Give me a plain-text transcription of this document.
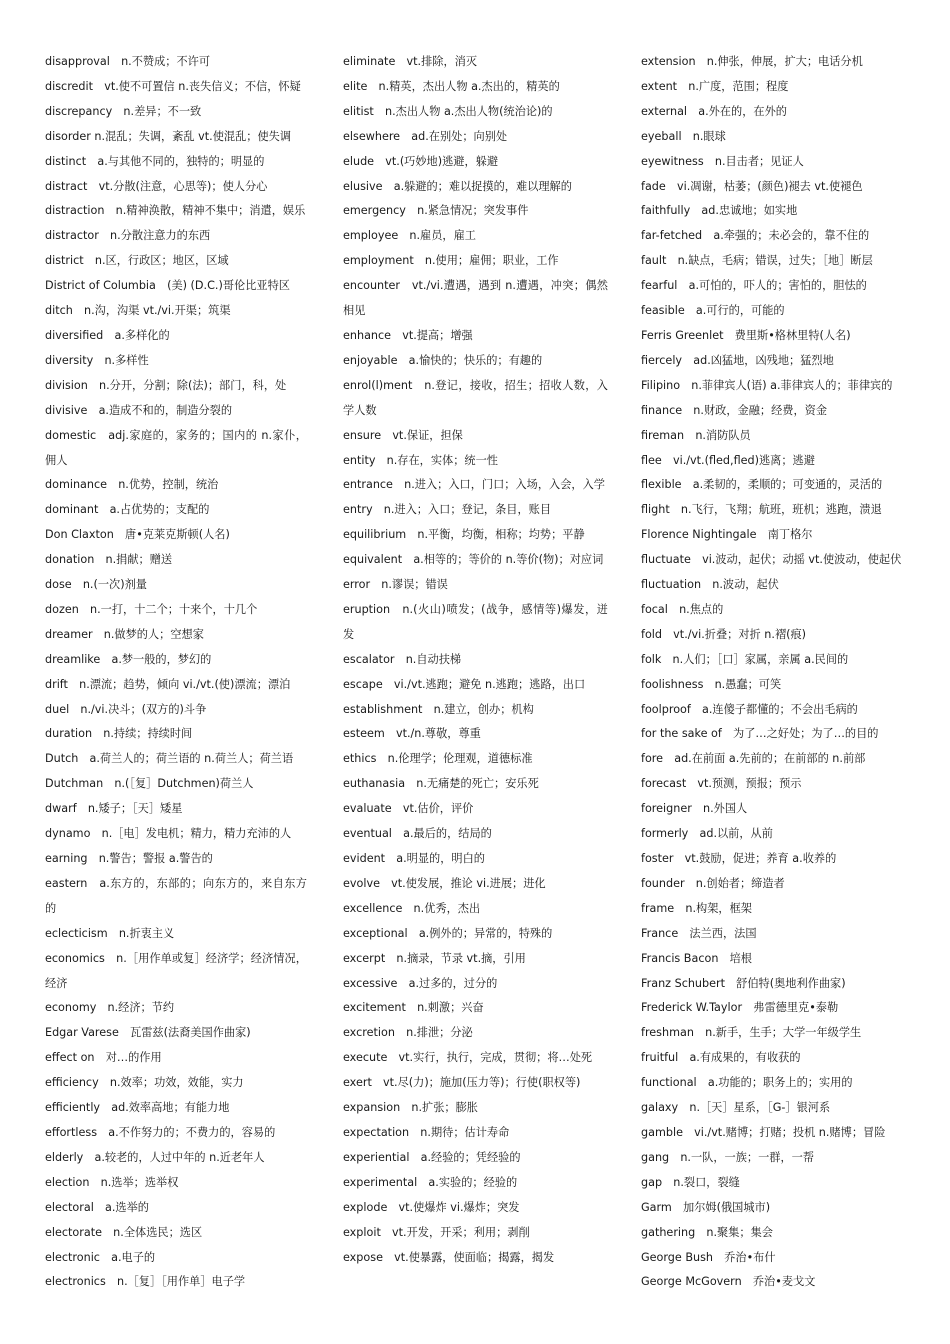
disapproval　n.不赞成；不许可
discredit　vt.使不可置信 n.丧失信义；不信，怀疑
discrepancy　n.差异；不一致
disorder n.混乱；失调，紊乱 vt.使混乱；使失调
distinct　a.与其他不同的，独特的；明显的
distract　vt.分散(注意，心思等)；使人分心
distraction　n.精神涣散，精神不集中；消遣，娱乐
distractor　n.分散注意力的东西
district　n.区，行政区；地区，区域
District of Columbia　(美) (D.C.)哥伦比亚特区
ditch　n.沟，沟渠 vt./vi.开渠；筑渠
diversified　a.多样化的
diversity　n.多样性
division　n.分开，分割；除(法)；部门，科，处
divisive　a.造成不和的，制造分裂的
domestic　adj.家庭的，家务的；国内的 n.家仆，佣人
dominance　n.优势，控制，统治
dominant　a.占优势的；支配的
Don Claxton　唐•克莱克斯顿(人名)
donation　n.捐献；赠送
dose　n.(一次)剂量
dozen　n.一打，十二个；十来个，十几个
dreamer　n.做梦的人；空想家
dreamlike　a.梦一般的，梦幻的
drift　n.漂流；趋势，倾向 vi./vt.(使)漂流；漂泊
duel　n./vi.决斗；(双方的)斗争
duration　n.持续；持续时间
Dutch　a.荷兰人的；荷兰语的 n.荷兰人；荷兰语
Dutchman　n.(［复］Dutchmen)荷兰人
dwarf　n.矮子；［天］矮星
dynamo　n.［电］发电机；精力，精力充沛的人
earning　n.警告；警报 a.警告的
eastern　a.东方的，东部的；向东方的，来自东方的
eclecticism　n.折衷主义
economics　n.［用作单或复］经济学；经济情况，经济
economy　n.经济；节约
Edgar Varese　瓦雷兹(法裔美国作曲家)
effect on　对…的作用
efficiency　n.效率；功效，效能，实力
efficiently　ad.效率高地；有能力地
effortless　a.不作努力的；不费力的，容易的
elderly　a.较老的，人过中年的 n.近老年人
election　n.选举；选举权
electoral　a.选举的
electorate　n.全体选民；选区
electronic　a.电子的
electronics　n.［复］［用作单］电子学
eliminate　vt.排除，消灭
elite　n.精英，杰出人物 a.杰出的，精英的
elitist　n.杰出人物 a.杰出人物(统治论)的
elsewhere　ad.在别处；向别处
elude　vt.(巧妙地)逃避，躲避
elusive　a.躲避的；难以捉摸的，难以理解的
emergency　n.紧急情况；突发事件
employee　n.雇员，雇工
employment　n.使用；雇佣；职业，工作
encounter　vt./vi.遭遇，遇到 n.遭遇，冲突；偶然相见
enhance　vt.提高；增强
enjoyable　a.愉快的；快乐的；有趣的
enrol(l)ment　n.登记，接收，招生；招收人数，入学人数
ensure　vt.保证，担保
entity　n.存在，实体；统一性
entrance　n.进入；入口，门口；入场，入会，入学
entry　n.进入；入口；登记，条目，账目
equilibrium　n.平衡，均衡，相称；均势；平静
equivalent　a.相等的；等价的 n.等价(物)；对应词
error　n.谬误；错误
eruption　n.(火山)喷发；(战争，感情等)爆发，迸发
escalator　n.自动扶梯
escape　vi./vt.逃跑；避免 n.逃跑；逃路，出口
establishment　n.建立，创办；机构
esteem　vt./n.尊敬，尊重
ethics　n.伦理学；伦理观，道德标准
euthanasia　n.无痛楚的死亡；安乐死
evaluate　vt.估价，评价
eventual　a.最后的，结局的
evident　a.明显的，明白的
evolve　vt.使发展，推论 vi.进展；进化
excellence　n.优秀，杰出
exceptional　a.例外的；异常的，特殊的
excerpt　n.摘录，节录 vt.摘，引用
excessive　a.过多的，过分的
excitement　n.刺激；兴奋
excretion　n.排泄；分泌
execute　vt.实行，执行，完成，贯彻；将…处死
exert　vt.尽(力)；施加(压力等)；行使(职权等)
expansion　n.扩张；膨胀
expectation　n.期待；估计寿命
experiential　a.经验的；凭经验的
experimental　a.实验的；经验的
explode　vt.使爆炸 vi.爆炸；突发
exploit　vt.开发，开采；利用；剥削
expose　vt.使暴露，使面临；揭露，揭发
extension　n.伸张，伸展，扩大；电话分机
extent　n.广度，范围；程度
external　a.外在的，在外的
eyeball　n.眼球
eyewitness　n.目击者；见证人
fade　vi.凋谢，枯萎；(颜色)褪去 vt.使褪色
faithfully　ad.忠诚地；如实地
far-fetched　a.牵强的；未必会的，靠不住的
fault　n.缺点，毛病；错误，过失；［地］断层
fearful　a.可怕的，吓人的；害怕的，胆怯的
feasible　a.可行的，可能的
Ferris Greenlet　费里斯•格林里特(人名)
fiercely　ad.凶猛地，凶残地；猛烈地
Filipino　n.菲律宾人(语) a.菲律宾人的；菲律宾的
finance　n.财政，金融；经费，资金
fireman　n.消防队员
flee　vi./vt.(fled,fled)逃离；逃避
flexible　a.柔韧的，柔顺的；可变通的，灵活的
flight　n.飞行，飞翔；航班，班机；逃跑，溃退
Florence Nightingale　南丁格尔
fluctuate　vi.波动，起伏；动摇 vt.使波动，使起伏
fluctuation　n.波动，起伏
focal　n.焦点的
fold　vt./vi.折叠；对折 n.褶(痕)
folk　n.人们；［口］家属，亲属 a.民间的
foolishness　n.愚蠢；可笑
foolproof　a.连傻子都懂的；不会出毛病的
for the sake of　为了…之好处；为了…的目的
fore　ad.在前面 a.先前的；在前部的 n.前部
forecast　vt.预测，预报；预示
foreigner　n.外国人
formerly　ad.以前，从前
foster　vt.鼓励，促进；养育 a.收养的
founder　n.创始者；缔造者
frame　n.构架，框架
France　法兰西，法国
Francis Bacon　培根
Franz Schubert　舒伯特(奥地利作曲家)
Frederick W.Taylor　弗雷德里克•泰勒
freshman　n.新手，生手；大学一年级学生
fruitful　a.有成果的，有收获的
functional　a.功能的；职务上的；实用的
galaxy　n.［天］星系，［G-］银河系
gamble　vi./vt.赌博；打赌；投机 n.赌博；冒险
gang　n.一队，一族；一群，一帮
gap　n.裂口，裂缝
Garm　加尔姆(俄国城市)
gathering　n.聚集；集会
George Bush　乔治•布什
George McGovern　乔治•麦戈文
